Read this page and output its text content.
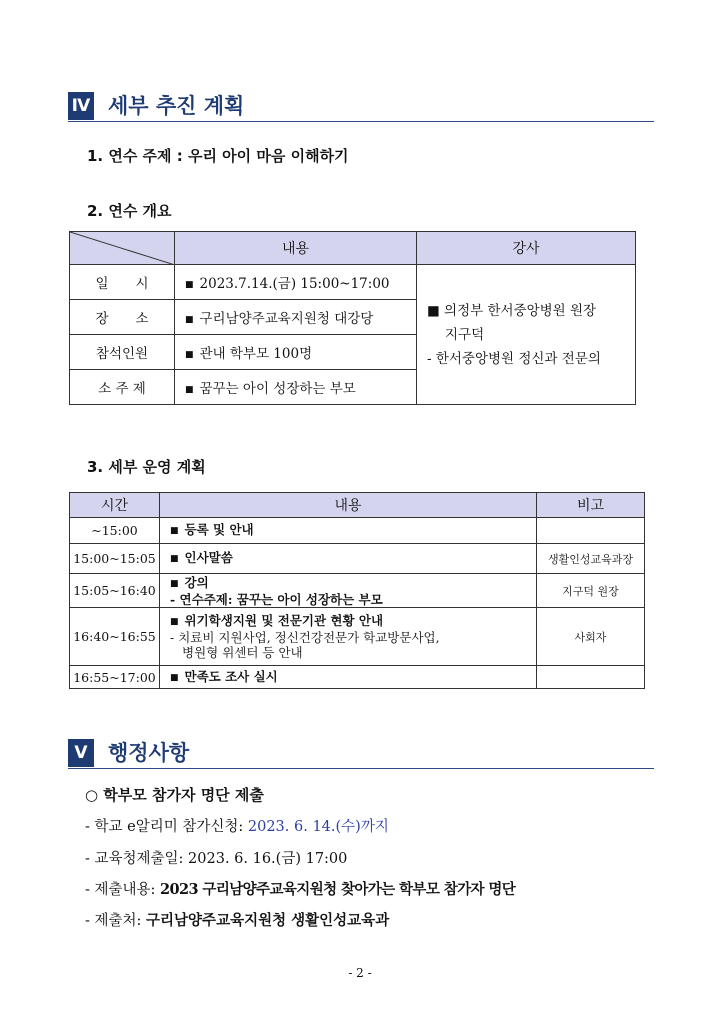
Ⅳ 세부 추진 계획
1. 연수 주제 : 우리 아이 마음 이해하기
2. 연수 개요
	내용	강사
일　　시	■ 2023.7.14.(금) 15:00~17:00	■ 의정부 한서중앙병원 원장
지구덕
- 한서중앙병원 정신과 전문의

장　　소	■ 구리남양주교육지원청 대강당	
참석인원	■ 관내 학부모 100명	
소 주 제	■ 꿈꾸는 아이 성장하는 부모	
3. 세부 운영 계획
시간	내용	비고
~15:00	■ 등록 및 안내	
15:00~15:05	■ 인사말씀	생활인성교육과장
15:05~16:40	■ 강의
- 연수주제: 꿈꾸는 아이 성장하는 부모	지구덕 원장
16:40~16:55	■ 위기학생지원 및 전문기관 현황 안내
- 치료비 지원사업, 정신건강전문가 학교방문사업,
병원형 위센터 등 안내	사회자
16:55~17:00	■ 만족도 조사 실시	
Ⅴ 행정사항
○ 학부모 참가자 명단 제출
- 학교 e알리미 참가신청: 2023. 6. 14.(수)까지
- 교육청제출일: 2023. 6. 16.(금) 17:00
- 제출내용: 2023 구리남양주교육지원청 찾아가는 학부모 참가자 명단
- 제출처: 구리남양주교육지원청 생활인성교육과
- 2 -
